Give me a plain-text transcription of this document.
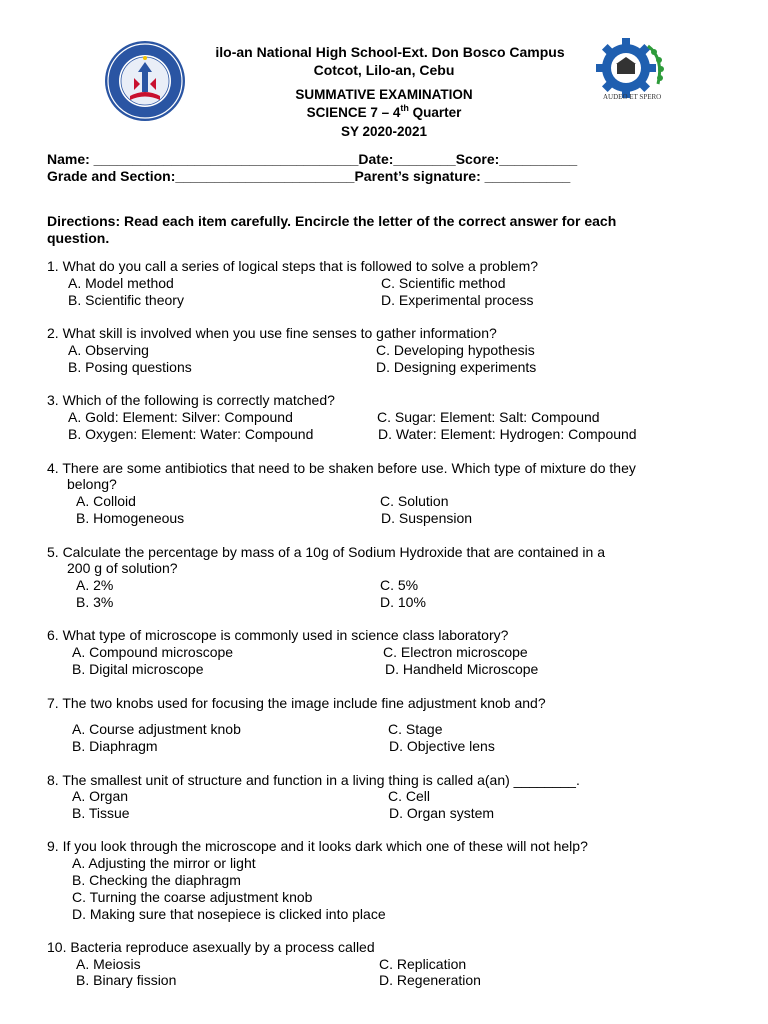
AUDEO ET SPERO
ilo-an National High School-Ext. Don Bosco Campus
Cotcot, Lilo-an, Cebu
SUMMATIVE EXAMINATION
SCIENCE 7 – 4th Quarter
SY 2020-2021
Name: __________________________________Date:________Score:__________
Grade and Section:_______________________Parent’s signature: ___________
Directions: Read each item carefully. Encircle the letter of the correct answer for each
question.
1. What do you call a series of logical steps that is followed to solve a problem?
A. Model method
B. Scientific theory
C. Scientific method
D. Experimental process
2. What skill is involved when you use fine senses to gather information?
A. Observing
B. Posing questions
C. Developing hypothesis
D. Designing experiments
3. Which of the following is correctly matched?
A. Gold: Element: Silver: Compound
B. Oxygen: Element: Water: Compound
C. Sugar: Element: Salt: Compound
D. Water: Element: Hydrogen: Compound
4. There are some antibiotics that need to be shaken before use. Which type of mixture do they
belong?
A. Colloid
B. Homogeneous
C. Solution
D. Suspension
5. Calculate the percentage by mass of a 10g of Sodium Hydroxide that are contained in a
200 g of solution?
A. 2%
B. 3%
C. 5%
D. 10%
6. What type of microscope is commonly used in science class laboratory?
A. Compound microscope
B. Digital microscope
C. Electron microscope
D. Handheld Microscope
7. The two knobs used for focusing the image include fine adjustment knob and?
A. Course adjustment knob
B. Diaphragm
C. Stage
D. Objective lens
8. The smallest unit of structure and function in a living thing is called a(an) ________.
A. Organ
B. Tissue
C. Cell
D. Organ system
9. If you look through the microscope and it looks dark which one of these will not help?
A. Adjusting the mirror or light
B. Checking the diaphragm
C. Turning the coarse adjustment knob
D. Making sure that nosepiece is clicked into place
10. Bacteria reproduce asexually by a process called
A. Meiosis
B. Binary fission
C. Replication
D. Regeneration
